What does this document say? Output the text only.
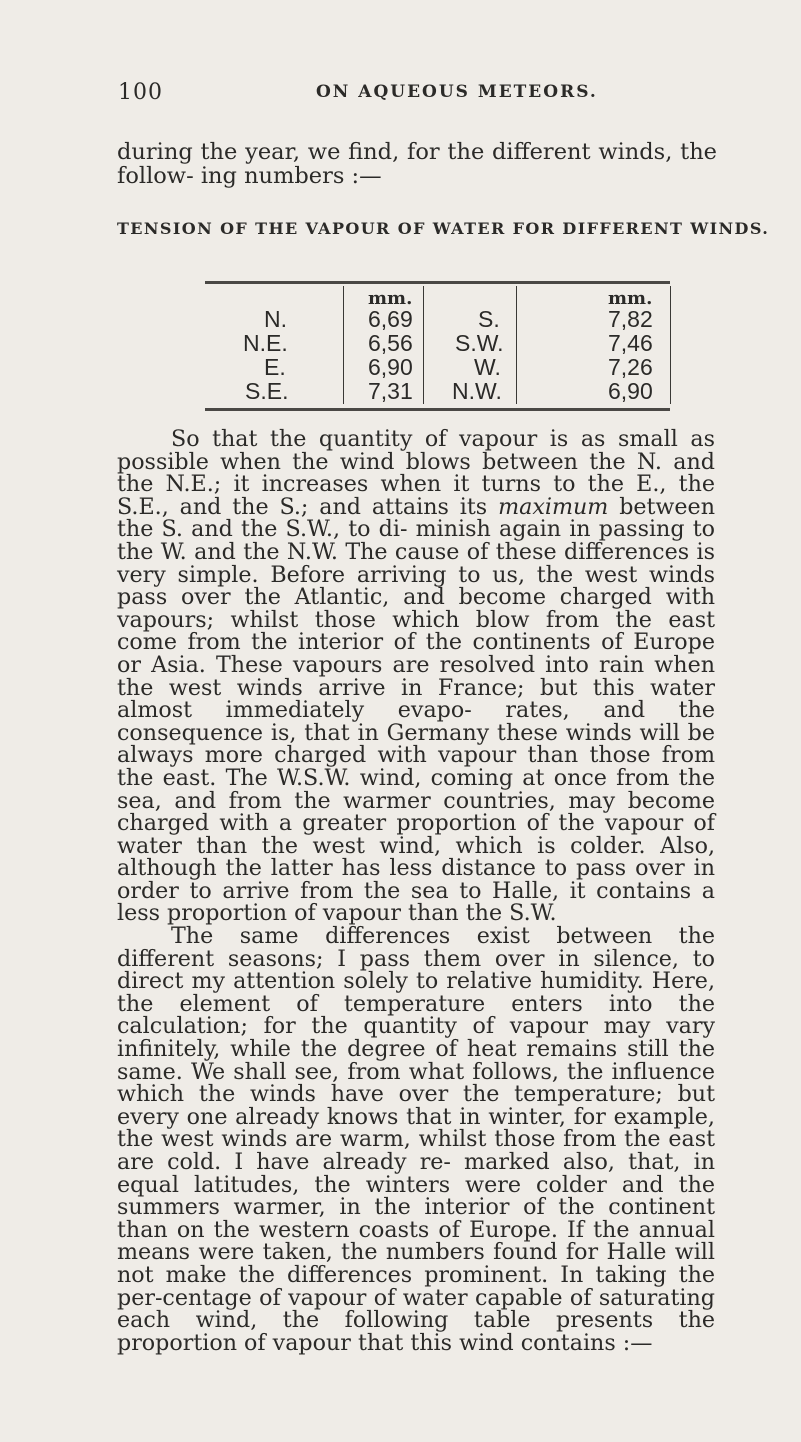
100	ON AQUEOUS METEORS.
during the year, we find, for the different winds, the follow- ing numbers :—
TENSION OF THE VAPOUR OF WATER FOR DIFFERENT WINDS.
mm.	mm.
N.	6,69	S.	7,82
N.E.	6,56 S.W.	7,46
E.	6,90	W.	7,26
S.E.	7,31 N.W.	6,90

So that the quantity of vapour is as small as possible when the wind blows between the N. and the N.E.; it increases when it turns to the E., the S.E., and the S.; and attains its maximum between the S. and the S.W., to di- minish again in passing to the W. and the N.W. The cause of these differences is very simple. Before arriving to us, the west winds pass over the Atlantic, and become charged with vapours; whilst those which blow from the east come from the interior of the continents of Europe or Asia. These vapours are resolved into rain when the west winds arrive in France; but this water almost immediately evapo- rates, and the consequence is, that in Germany these winds will be always more charged with vapour than those from the east. The W.S.W. wind, coming at once from the sea, and from the warmer countries, may become charged with a greater proportion of the vapour of water than the west wind, which is colder. Also, although the latter has less distance to pass over in order to arrive from the sea to Halle, it contains a less proportion of vapour than the S.W.

The same differences exist between the different seasons; I pass them over in silence, to direct my attention solely to relative humidity. Here, the element of temperature enters into the calculation; for the quantity of vapour may vary infinitely, while the degree of heat remains still the same. We shall see, from what follows, the influence which the winds have over the temperature; but every one already knows that in winter, for example, the west winds are warm, whilst those from the east are cold. I have already re- marked also, that, in equal latitudes, the winters were colder and the summers warmer, in the interior of the continent than on the western coasts of Europe. If the annual means were taken, the numbers found for Halle will not make the differences prominent. In taking the per-centage of vapour of water capable of saturating each wind, the following table presents the proportion of vapour that this wind contains :—
